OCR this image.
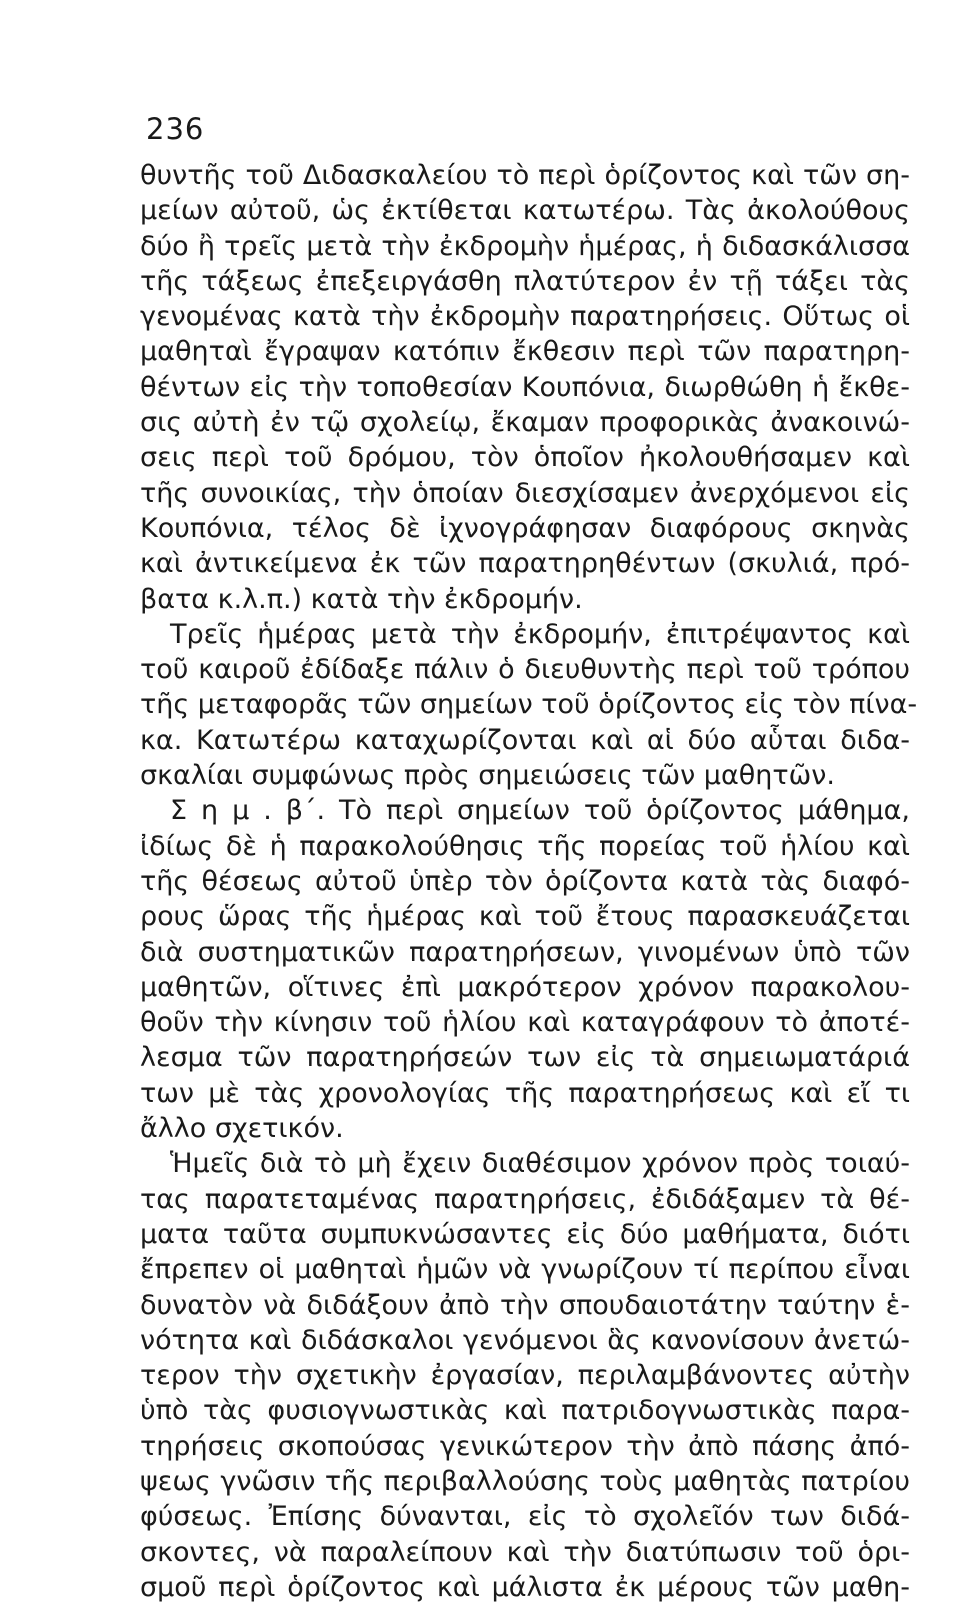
236
θυντῆς τοῦ Διδασκαλείου τὸ περὶ ὁρίζοντος καὶ τῶν ση-
μείων αὐτοῦ, ὡς ἐκτίθεται κατωτέρω. Τὰς ἀκολούθους
δύο ἢ τρεῖς μετὰ τὴν ἐκδρομὴν ἡμέρας, ἡ διδασκάλισσα
τῆς τάξεως ἐπεξειργάσθη πλατύτερον ἐν τῇ τάξει τὰς
γενομένας κατὰ τὴν ἐκδρομὴν παρατηρήσεις. Οὕτως οἱ
μαθηταὶ ἔγραψαν κατόπιν ἔκθεσιν περὶ τῶν παρατηρη-
θέντων εἰς τὴν τοποθεσίαν Κουπόνια, διωρθώθη ἡ ἔκθε-
σις αὐτὴ ἐν τῷ σχολείῳ, ἔκαμαν προφορικὰς ἀνακοινώ-
σεις περὶ τοῦ δρόμου, τὸν ὁποῖον ἠκολουθήσαμεν καὶ
τῆς συνοικίας, τὴν ὁποίαν διεσχίσαμεν ἀνερχόμενοι εἰς
Κουπόνια, τέλος δὲ ἰχνογράφησαν διαφόρους σκηνὰς
καὶ ἀντικείμενα ἐκ τῶν παρατηρηθέντων (σκυλιά, πρό-
βατα κ.λ.π.) κατὰ τὴν ἐκδρομήν.
Τρεῖς ἡμέρας μετὰ τὴν ἐκδρομήν, ἐπιτρέψαντος καὶ
τοῦ καιροῦ ἐδίδαξε πάλιν ὁ διευθυντὴς περὶ τοῦ τρόπου
τῆς μεταφορᾶς τῶν σημείων τοῦ ὁρίζοντος εἰς τὸν πίνα-
κα. Κατωτέρω καταχωρίζονται καὶ αἱ δύο αὗται διδα-
σκαλίαι συμφώνως πρὸς σημειώσεις τῶν μαθητῶν.
Σ η μ . β΄. Τὸ περὶ σημείων τοῦ ὁρίζοντος μάθημα,
ἰδίως δὲ ἡ παρακολούθησις τῆς πορείας τοῦ ἡλίου καὶ
τῆς θέσεως αὐτοῦ ὑπὲρ τὸν ὁρίζοντα κατὰ τὰς διαφό-
ρους ὥρας τῆς ἡμέρας καὶ τοῦ ἔτους παρασκευάζεται
διὰ συστηματικῶν παρατηρήσεων, γινομένων ὑπὸ τῶν
μαθητῶν, οἵτινες ἐπὶ μακρότερον χρόνον παρακολου-
θοῦν τὴν κίνησιν τοῦ ἡλίου καὶ καταγράφουν τὸ ἀποτέ-
λεσμα τῶν παρατηρήσεών των εἰς τὰ σημειωματάριά
των μὲ τὰς χρονολογίας τῆς παρατηρήσεως καὶ εἴ τι
ἄλλο σχετικόν.
Ἡμεῖς διὰ τὸ μὴ ἔχειν διαθέσιμον χρόνον πρὸς τοιαύ-
τας παρατεταμένας παρατηρήσεις, ἐδιδάξαμεν τὰ θέ-
ματα ταῦτα συμπυκνώσαντες εἰς δύο μαθήματα, διότι
ἔπρεπεν οἱ μαθηταὶ ἡμῶν νὰ γνωρίζουν τί περίπου εἶναι
δυνατὸν νὰ διδάξουν ἀπὸ τὴν σπουδαιοτάτην ταύτην ἑ-
νότητα καὶ διδάσκαλοι γενόμενοι ἃς κανονίσουν ἀνετώ-
τερον τὴν σχετικὴν ἐργασίαν, περιλαμβάνοντες αὐτὴν
ὑπὸ τὰς φυσιογνωστικὰς καὶ πατριδογνωστικὰς παρα-
τηρήσεις σκοπούσας γενικώτερον τὴν ἀπὸ πάσης ἀπό-
ψεως γνῶσιν τῆς περιβαλλούσης τοὺς μαθητὰς πατρίου
φύσεως. Ἐπίσης δύνανται, εἰς τὸ σχολεῖόν των διδά-
σκοντες, νὰ παραλείπουν καὶ τὴν διατύπωσιν τοῦ ὁρι-
σμοῦ περὶ ὁρίζοντος καὶ μάλιστα ἐκ μέρους τῶν μαθη-
